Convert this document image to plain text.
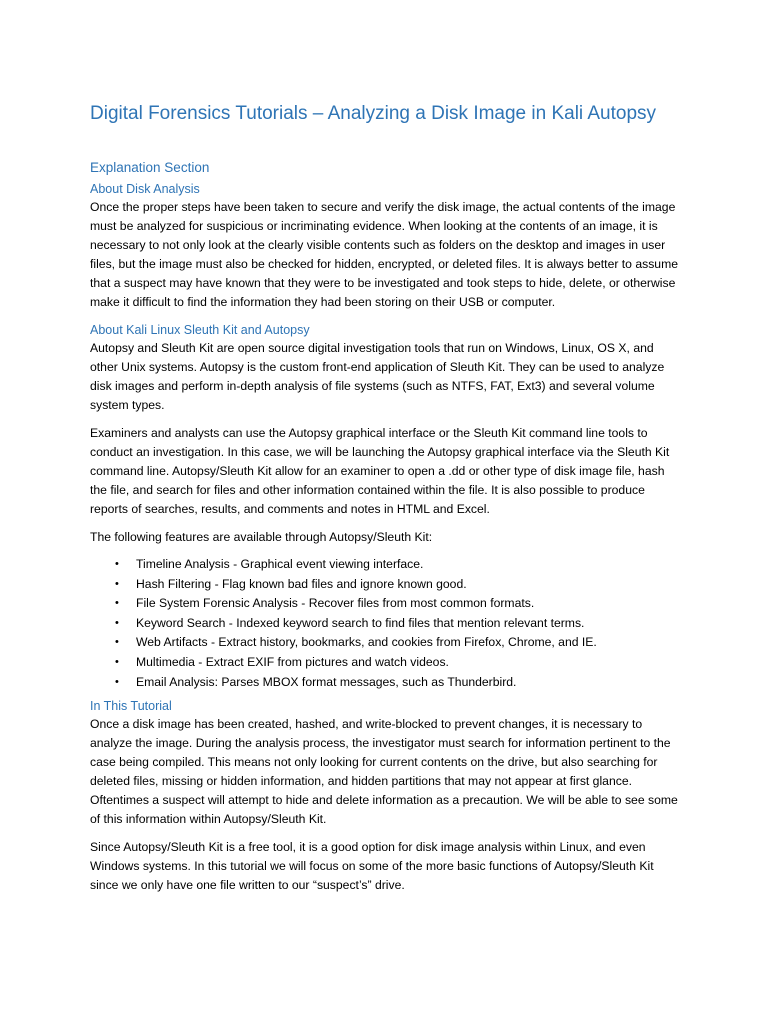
Digital Forensics Tutorials – Analyzing a Disk Image in Kali Autopsy
Explanation Section
About Disk Analysis

Once the proper steps have been taken to secure and verify the disk image, the actual contents of the image must be analyzed for suspicious or incriminating evidence. When looking at the contents of an image, it is necessary to not only look at the clearly visible contents such as folders on the desktop and images in user files, but the image must also be checked for hidden, encrypted, or deleted files. It is always better to assume that a suspect may have known that they were to be investigated and took steps to hide, delete, or otherwise make it difficult to find the information they had been storing on their USB or computer.

About Kali Linux Sleuth Kit and Autopsy

Autopsy and Sleuth Kit are open source digital investigation tools that run on Windows, Linux, OS X, and other Unix systems. Autopsy is the custom front-end application of Sleuth Kit. They can be used to analyze disk images and perform in-depth analysis of file systems (such as NTFS, FAT, Ext3) and several volume system types.

Examiners and analysts can use the Autopsy graphical interface or the Sleuth Kit command line tools to conduct an investigation. In this case, we will be launching the Autopsy graphical interface via the Sleuth Kit command line. Autopsy/Sleuth Kit allow for an examiner to open a .dd or other type of disk image file, hash the file, and search for files and other information contained within the file. It is also possible to produce reports of searches, results, and comments and notes in HTML and Excel.

The following features are available through Autopsy/Sleuth Kit:

• Timeline Analysis - Graphical event viewing interface.
• Hash Filtering - Flag known bad files and ignore known good.
• File System Forensic Analysis - Recover files from most common formats.
• Keyword Search - Indexed keyword search to find files that mention relevant terms.
• Web Artifacts - Extract history, bookmarks, and cookies from Firefox, Chrome, and IE.
• Multimedia - Extract EXIF from pictures and watch videos.
• Email Analysis: Parses MBOX format messages, such as Thunderbird.
In This Tutorial

Once a disk image has been created, hashed, and write-blocked to prevent changes, it is necessary to analyze the image. During the analysis process, the investigator must search for information pertinent to the case being compiled. This means not only looking for current contents on the drive, but also searching for deleted files, missing or hidden information, and hidden partitions that may not appear at first glance. Oftentimes a suspect will attempt to hide and delete information as a precaution. We will be able to see some of this information within Autopsy/Sleuth Kit.

Since Autopsy/Sleuth Kit is a free tool, it is a good option for disk image analysis within Linux, and even Windows systems. In this tutorial we will focus on some of the more basic functions of Autopsy/Sleuth Kit since we only have one file written to our “suspect’s” drive.
